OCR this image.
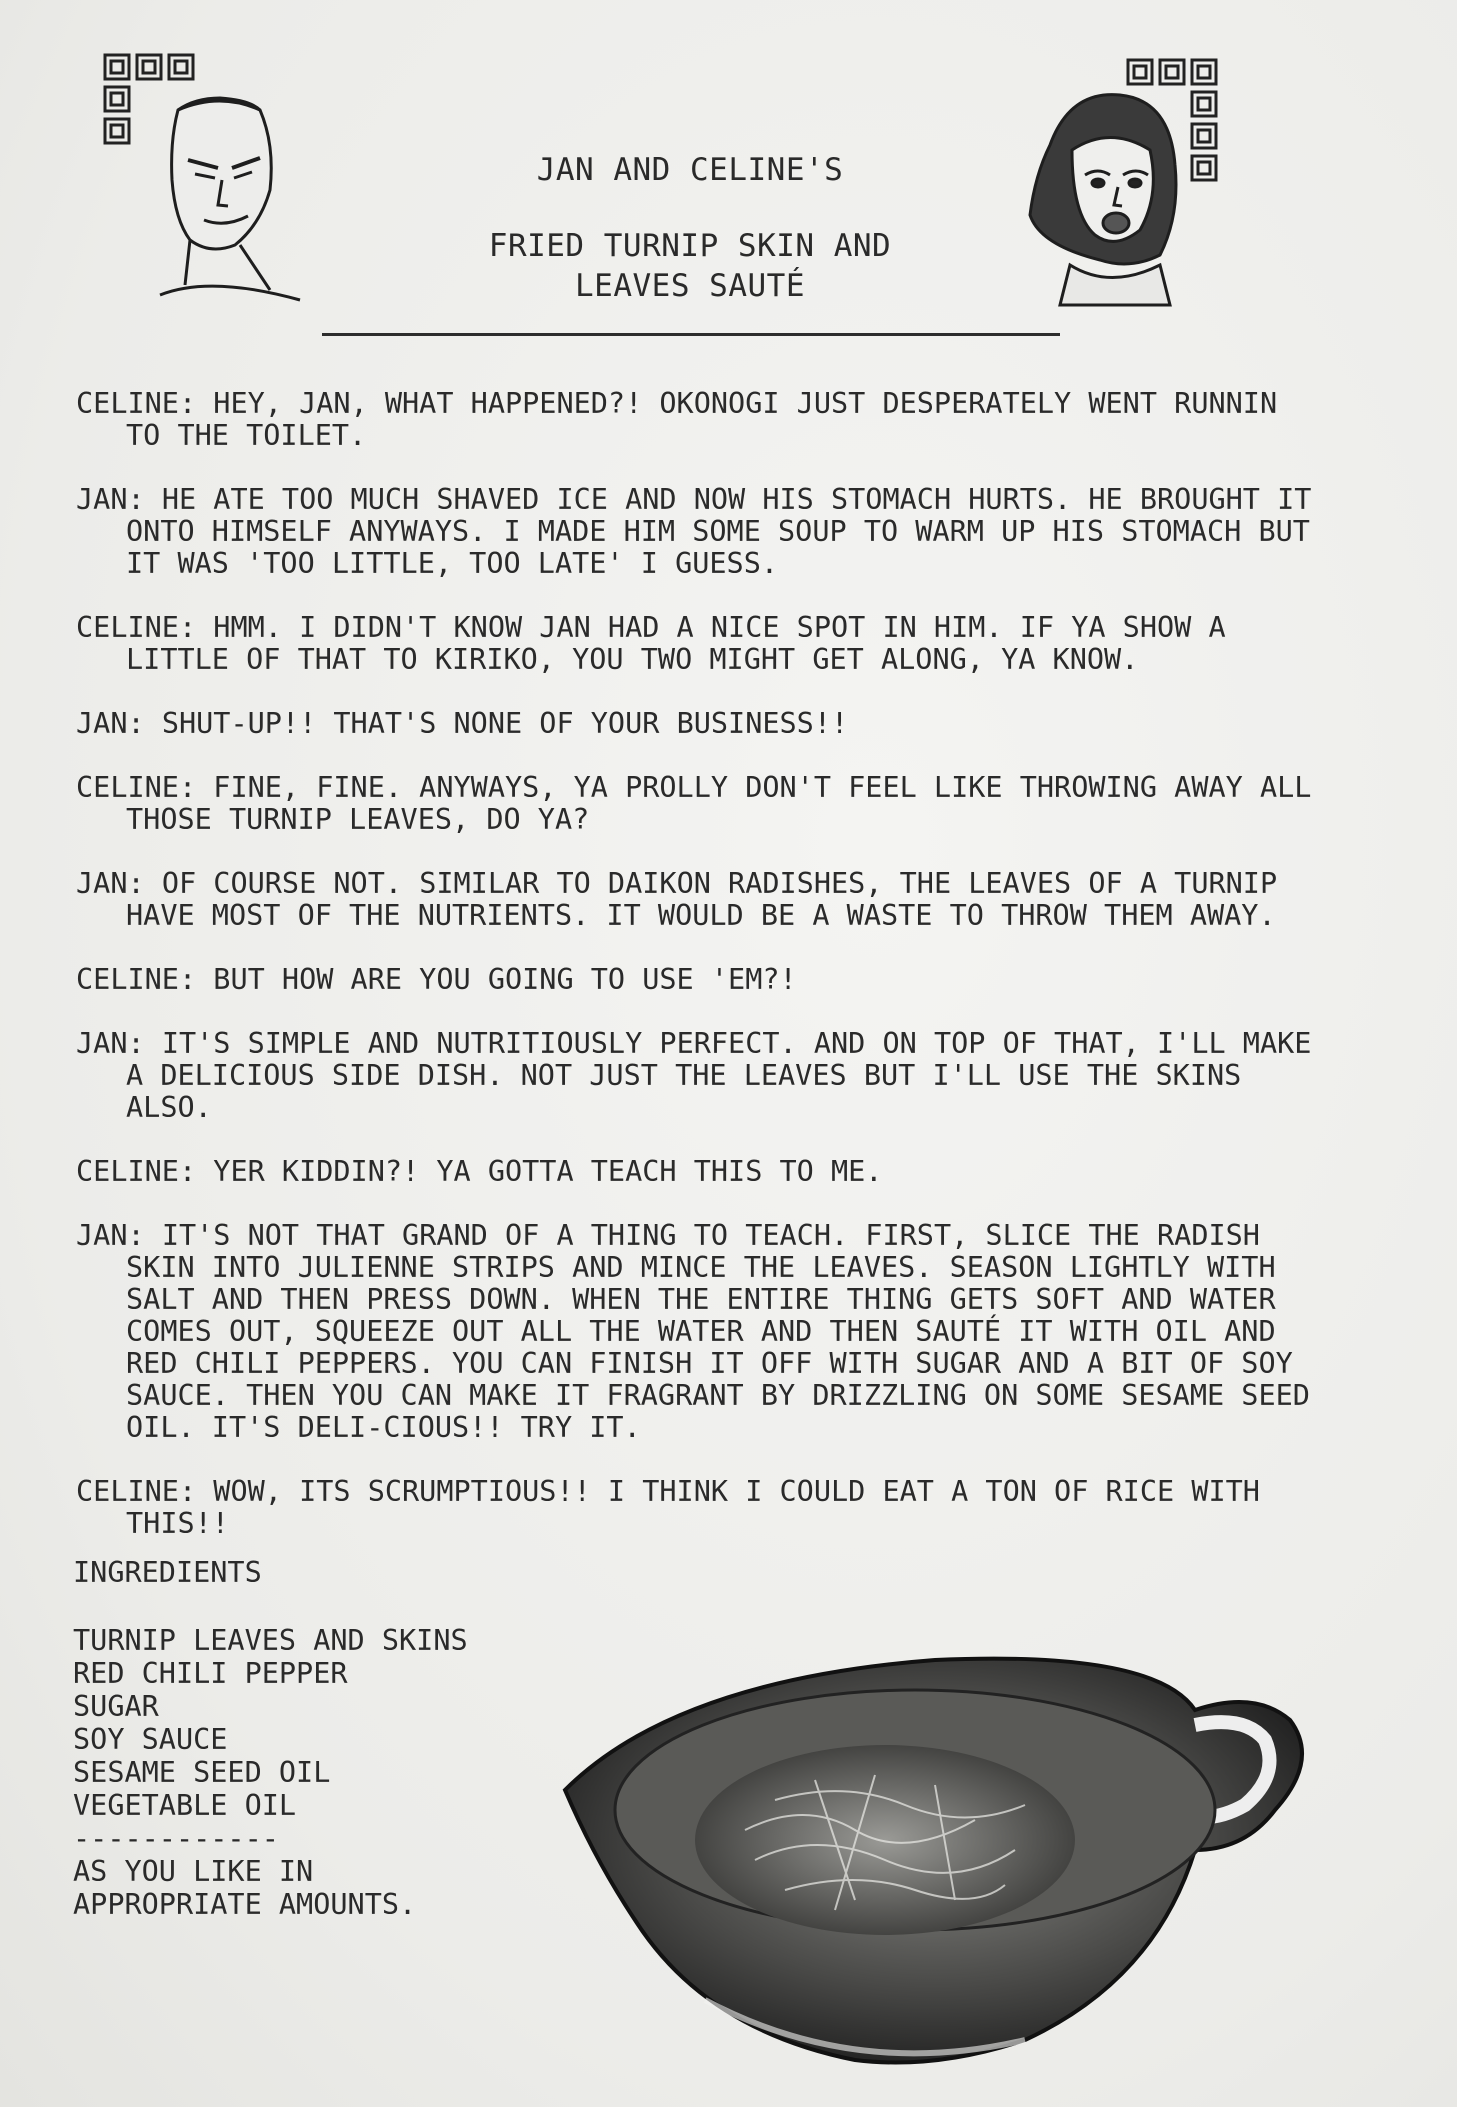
JAN AND CELINE'S
FRIED TURNIP SKIN AND
LEAVES SAUTÉ

CELINE: HEY, JAN, WHAT HAPPENED?! OKONOGI JUST DESPERATELY WENT RUNNIN TO THE TOILET.

JAN: HE ATE TOO MUCH SHAVED ICE AND NOW HIS STOMACH HURTS. HE BROUGHT IT ONTO HIMSELF ANYWAYS. I MADE HIM SOME SOUP TO WARM UP HIS STOMACH BUT IT WAS 'TOO LITTLE, TOO LATE' I GUESS.

CELINE: HMM. I DIDN'T KNOW JAN HAD A NICE SPOT IN HIM. IF YA SHOW A LITTLE OF THAT TO KIRIKO, YOU TWO MIGHT GET ALONG, YA KNOW.

JAN: SHUT-UP!! THAT'S NONE OF YOUR BUSINESS!!

CELINE: FINE, FINE. ANYWAYS, YA PROLLY DON'T FEEL LIKE THROWING AWAY ALL THOSE TURNIP LEAVES, DO YA?

JAN: OF COURSE NOT. SIMILAR TO DAIKON RADISHES, THE LEAVES OF A TURNIP HAVE MOST OF THE NUTRIENTS. IT WOULD BE A WASTE TO THROW THEM AWAY.

CELINE: BUT HOW ARE YOU GOING TO USE 'EM?!

JAN: IT'S SIMPLE AND NUTRITIOUSLY PERFECT. AND ON TOP OF THAT, I'LL MAKE A DELICIOUS SIDE DISH. NOT JUST THE LEAVES BUT I'LL USE THE SKINS ALSO.

CELINE: YER KIDDIN?! YA GOTTA TEACH THIS TO ME.

JAN: IT'S NOT THAT GRAND OF A THING TO TEACH. FIRST, SLICE THE RADISH SKIN INTO JULIENNE STRIPS AND MINCE THE LEAVES. SEASON LIGHTLY WITH SALT AND THEN PRESS DOWN. WHEN THE ENTIRE THING GETS SOFT AND WATER COMES OUT, SQUEEZE OUT ALL THE WATER AND THEN SAUTÉ IT WITH OIL AND RED CHILI PEPPERS. YOU CAN FINISH IT OFF WITH SUGAR AND A BIT OF SOY SAUCE. THEN YOU CAN MAKE IT FRAGRANT BY DRIZZLING ON SOME SESAME SEED OIL. IT'S DELI-CIOUS!! TRY IT.

CELINE: WOW, ITS SCRUMPTIOUS!! I THINK I COULD EAT A TON OF RICE WITH THIS!!

INGREDIENTS
TURNIP LEAVES AND SKINS
RED CHILI PEPPER
SUGAR
SOY SAUCE
SESAME SEED OIL
VEGETABLE OIL
------------
AS YOU LIKE IN
APPROPRIATE AMOUNTS.
